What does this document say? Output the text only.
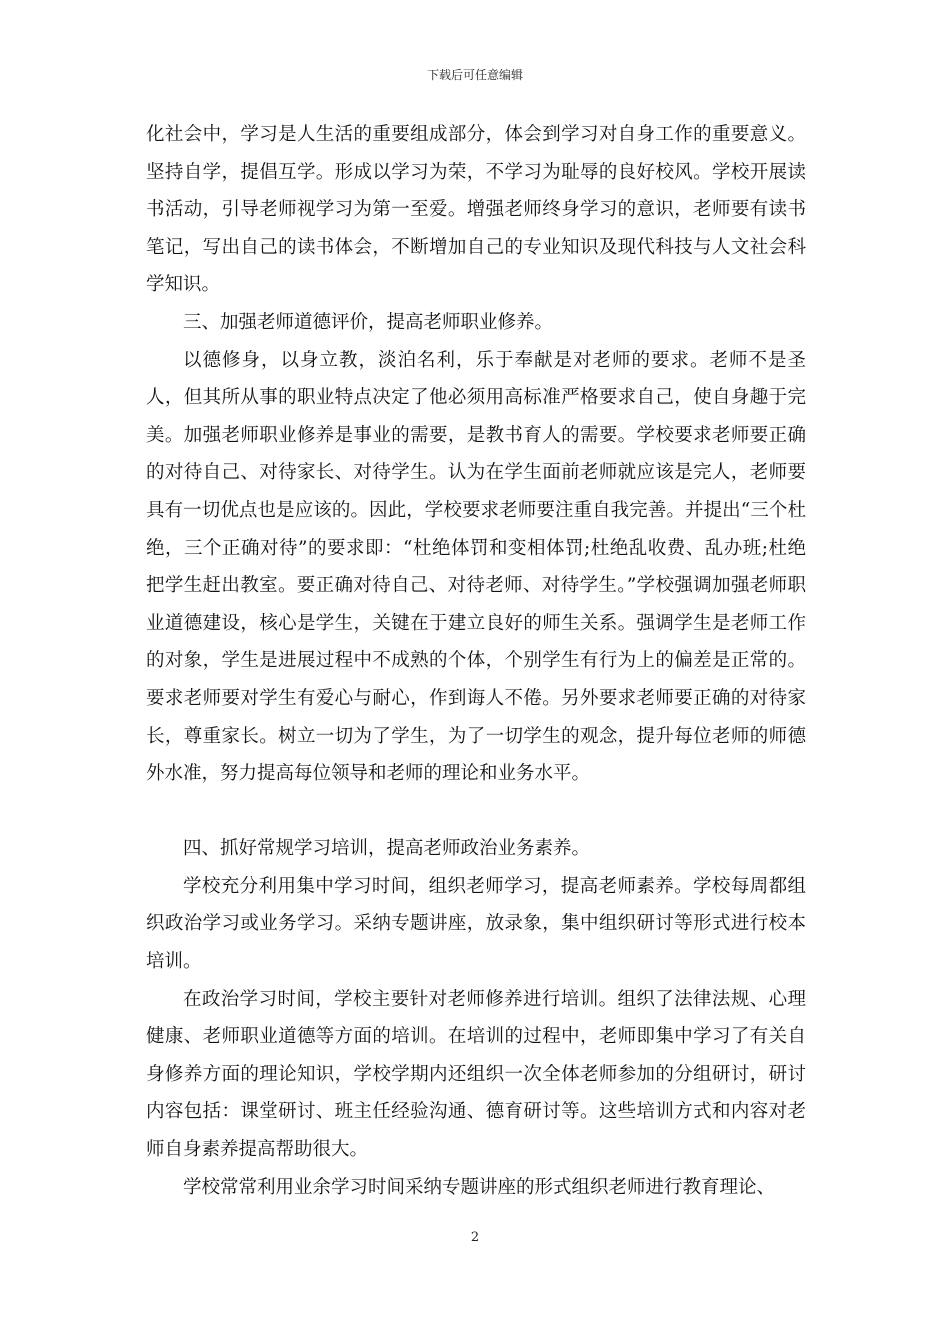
下载后可任意编辑

化社会中，学习是人生活的重要组成部分，体会到学习对自身工作的重要意义。坚持自学，提倡互学。形成以学习为荣，不学习为耻辱的良好校风。学校开展读书活动，引导老师视学习为第一至爱。增强老师终身学习的意识，老师要有读书笔记，写出自己的读书体会，不断增加自己的专业知识及现代科技与人文社会科学知识。

三、加强老师道德评价，提高老师职业修养。

以德修身，以身立教，淡泊名利，乐于奉献是对老师的要求。老师不是圣人，但其所从事的职业特点决定了他必须用高标准严格要求自己，使自身趣于完美。加强老师职业修养是事业的需要，是教书育人的需要。学校要求老师要正确的对待自己、对待家长、对待学生。认为在学生面前老师就应该是完人，老师要具有一切优点也是应该的。因此，学校要求老师要注重自我完善。并提出“三个杜绝，三个正确对待”的要求即：“杜绝体罚和变相体罚;杜绝乱收费、乱办班;杜绝把学生赶出教室。要正确对待自己、对待老师、对待学生。”学校强调加强老师职业道德建设，核心是学生，关键在于建立良好的师生关系。强调学生是老师工作的对象，学生是进展过程中不成熟的个体，个别学生有行为上的偏差是正常的。要求老师要对学生有爱心与耐心，作到诲人不倦。另外要求老师要正确的对待家长，尊重家长。树立一切为了学生，为了一切学生的观念，提升每位老师的师德外水准，努力提高每位领导和老师的理论和业务水平。

四、抓好常规学习培训，提高老师政治业务素养。

学校充分利用集中学习时间，组织老师学习，提高老师素养。学校每周都组织政治学习或业务学习。采纳专题讲座，放录象，集中组织研讨等形式进行校本培训。

在政治学习时间，学校主要针对老师修养进行培训。组织了法律法规、心理健康、老师职业道德等方面的培训。在培训的过程中，老师即集中学习了有关自身修养方面的理论知识，学校学期内还组织一次全体老师参加的分组研讨，研讨内容包括：课堂研讨、班主任经验沟通、德育研讨等。这些培训方式和内容对老师自身素养提高帮助很大。

学校常常利用业余学习时间采纳专题讲座的形式组织老师进行教育理论、

2
